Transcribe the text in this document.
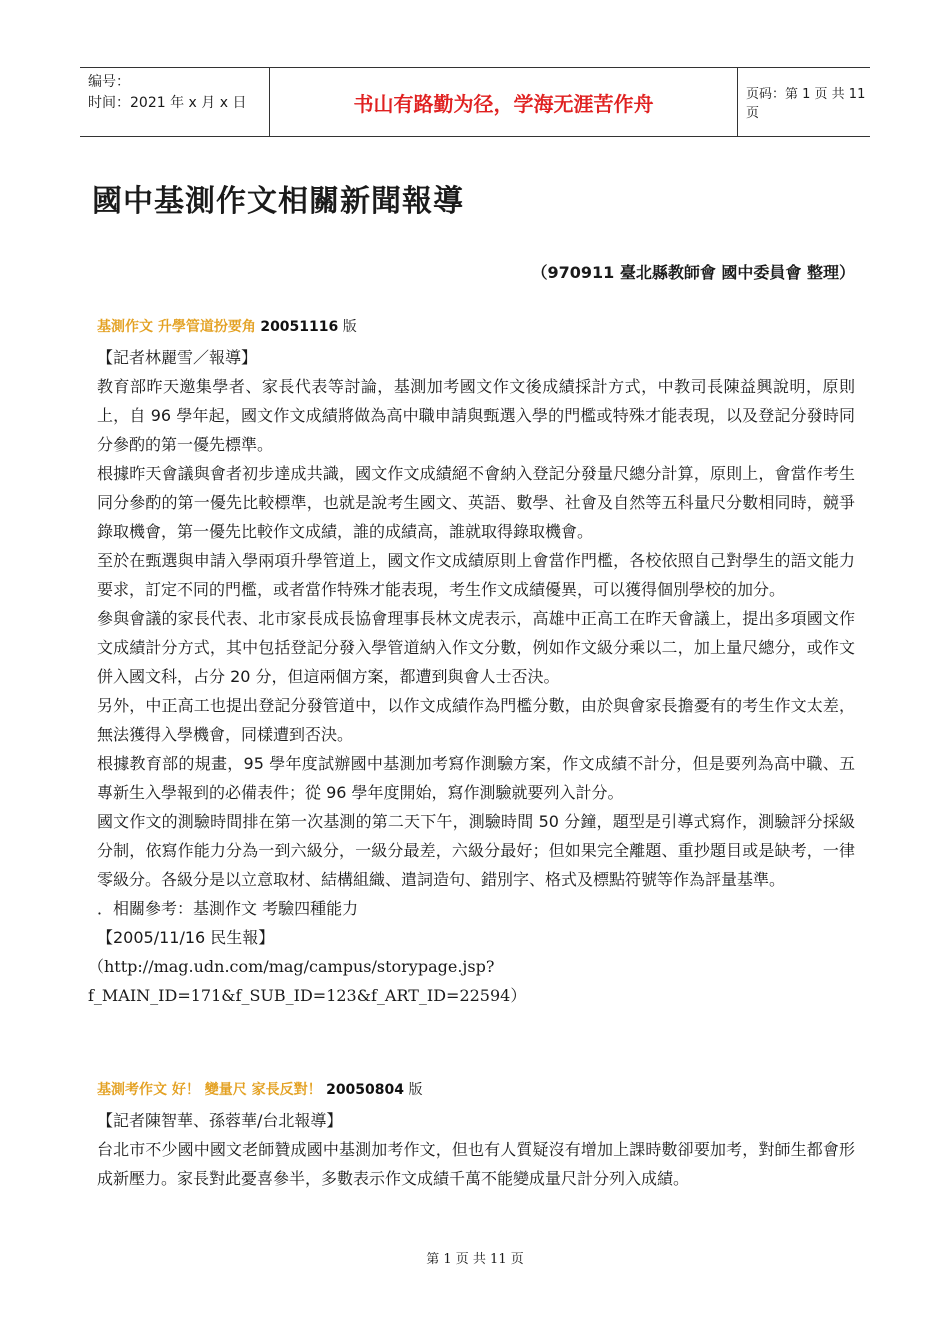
编号：
时间：2021 年 x 月 x 日	书山有路勤为径，学海无涯苦作舟	页码：第 1 页 共 11 页
國中基測作文相關新聞報導
（970911 臺北縣教師會 國中委員會 整理）
基測作文 升學管道扮要角 20051116 版

【記者林麗雪／報導】

教育部昨天邀集學者、家長代表等討論，基測加考國文作文後成績採計方式，中教司長陳益興說明，原則上，自 96 學年起，國文作文成績將做為高中職申請與甄選入學的門檻或特殊才能表現，以及登記分發時同分參酌的第一優先標準。

根據昨天會議與會者初步達成共識，國文作文成績絕不會納入登記分發量尺總分計算，原則上，會當作考生同分參酌的第一優先比較標準，也就是說考生國文、英語、數學、社會及自然等五科量尺分數相同時，競爭錄取機會，第一優先比較作文成績，誰的成績高，誰就取得錄取機會。

至於在甄選與申請入學兩項升學管道上，國文作文成績原則上會當作門檻，各校依照自己對學生的語文能力要求，訂定不同的門檻，或者當作特殊才能表現，考生作文成績優異，可以獲得個別學校的加分。

參與會議的家長代表、北市家長成長協會理事長林文虎表示，高雄中正高工在昨天會議上，提出多項國文作文成績計分方式，其中包括登記分發入學管道納入作文分數，例如作文級分乘以二，加上量尺總分，或作文併入國文科，占分 20 分，但這兩個方案，都遭到與會人士否決。

另外，中正高工也提出登記分發管道中，以作文成績作為門檻分數，由於與會家長擔憂有的考生作文太差，無法獲得入學機會，同樣遭到否決。

根據教育部的規畫，95 學年度試辦國中基測加考寫作測驗方案，作文成績不計分，但是要列為高中職、五專新生入學報到的必備表件；從 96 學年度開始，寫作測驗就要列入計分。

國文作文的測驗時間排在第一次基測的第二天下午，測驗時間 50 分鐘，題型是引導式寫作，測驗評分採級分制，依寫作能力分為一到六級分，一級分最差，六級分最好；但如果完全離題、重抄題目或是缺考，一律零級分。各級分是以立意取材、結構組織、遣詞造句、錯別字、格式及標點符號等作為評量基準。

．相關參考：基測作文 考驗四種能力

【2005/11/16 民生報】

（http://mag.udn.com/mag/campus/storypage.jsp?

f_MAIN_ID=171&f_SUB_ID=123&f_ART_ID=22594）

基測考作文 好！ 變量尺 家長反對！ 20050804 版

【記者陳智華、孫蓉華/台北報導】

台北市不少國中國文老師贊成國中基測加考作文，但也有人質疑沒有增加上課時數卻要加考，對師生都會形成新壓力。家長對此憂喜參半，多數表示作文成績千萬不能變成量尺計分列入成績。

第 1 页 共 11 页
